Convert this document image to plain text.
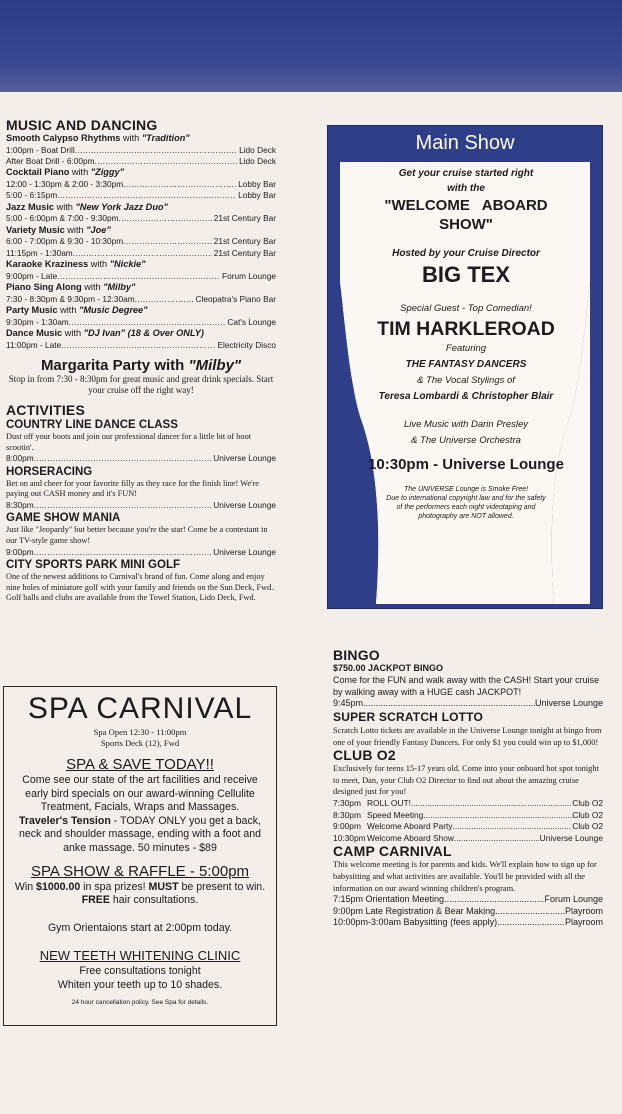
MUSIC AND DANCING
Smooth Calypso Rhythms with "Tradition"
1:00pm - Boat Drill .....	Lido Deck
After Boat Drill - 6:00pm .....	Lido Deck
Cocktail Piano with "Ziggy"
12:00 - 1:30pm & 2:00 - 3:30pm .....	Lobby Bar
5:00 - 6:15pm .....	Lobby Bar
Jazz Music with "New York Jazz Duo"
5:00 - 6:00pm & 7:00 - 9:30pm .....	21st Century Bar
Variety Music with "Joe"
6:00 - 7:00pm & 9:30 - 10:30pm .....	21st Century Bar
11:15pm - 1:30am .....	21st Century Bar
Karaoke Kraziness with "Nickie"
9:00pm - Late .....	Forum Lounge
Piano Sing Along with "Milby"
7:30 - 8:30pm & 9:30pm - 12:30am .....	Cleopatra's Piano Bar
Party Music with "Music Degree"
9:30pm - 1:30am .....	Cat's Lounge
Dance Music with "DJ Ivan" (18 & Over ONLY)
11:00pm - Late .....	Electricity Disco
Margarita Party with "Milby"
Stop in from 7:30 - 8:30pm for great music and great drink specials. Start your cruise off the right way!
ACTIVITIES
COUNTRY LINE DANCE CLASS
Dust off your boots and join our professional dancer for a little bit of boot scootin'.
8:00pm .....	Universe Lounge
HORSERACING
Bet on and cheer for your favorite filly as they race for the finish line! We're paying out CASH money and it's FUN!
8:30pm .....	Universe Lounge
GAME SHOW MANIA
Just like "Jeopardy" but better because you're the star! Come be a contestant in our TV-style game show!
9:00pm .....	Universe Lounge
CITY SPORTS PARK MINI GOLF
One of the newest additions to Carnival's brand of fun. Come along and enjoy nine holes of miniature golf with your family and friends on the Sun Deck, Fwd. Golf balls and clubs are available from the Towel Station, Lido Deck, Fwd.
SPA CARNIVAL
Spa Open 12:30 - 11:00pm
Sports Deck (12), Fwd
SPA & SAVE TODAY!!
Come see our state of the art facilities and receive early bird specials on our award-winning Cellulite Treatment, Facials, Wraps and Massages.
Traveler's Tension - TODAY ONLY you get a back, neck and shoulder massage, ending with a foot and anke massage. 50 minutes - $89
SPA SHOW & RAFFLE - 5:00pm
Win $1000.00 in spa prizes! MUST be present to win. FREE hair consultations.
Gym Orientaions start at 2:00pm today.
NEW TEETH WHITENING CLINIC
Free consultations tonight
Whiten your teeth up to 10 shades.
24 hour cancellation policy. See Spa for details.
Main Show
Get your cruise started right
with the
"WELCOME   ABOARD
SHOW"
Hosted by your Cruise Director
BIG TEX
Special Guest - Top Comedian!
TIM HARKLEROAD
Featuring
THE FANTASY DANCERS
& The Vocal Stylings of
Teresa Lombardi & Christopher Blair
Live Music with Darin Presley
& The Universe Orchestra
10:30pm - Universe Lounge
The UNIVERSE Lounge is Smoke Free!
Due to international copyright law and for the safety
of the performers each night videotaping and
photography are NOT allowed.
BINGO
$750.00 JACKPOT BINGO
Come for the FUN and walk away with the CASH! Start your cruise by walking away with a HUGE cash JACKPOT!
9:45pm .....	Universe Lounge
SUPER SCRATCH LOTTO
Scratch Lotto tickets are available in the Universe Lounge tonight at bingo from one of your friendly Fantasy Dancers. For only $1 you could win up to $1,000!
CLUB O2
Exclusively for teens 15-17 years old. Come into your onboard hot spot tonight to meet, Dan, your Club O2 Director to find out about the amazing cruise designed just for you!
7:30pm ROLL OUT! .....	Club O2
8:30pm Speed Meeting .....	Club O2
9:00pm Welcome Aboard Party .....	Club O2
10:30pm Welcome Aboard Show .....	Universe Lounge
CAMP CARNIVAL
This welcome meeting is for parents and kids. We'll explain how to sign up for babysitting and what activities are available. You'll be provided with all the information on our award winning children's program.
7:15pm Orientation Meeting .....	Forum Lounge
9:00pm Late Registration & Bear Making .....	Playroom
10:00pm-3:00am Babysitting (fees apply) .....	Playroom
